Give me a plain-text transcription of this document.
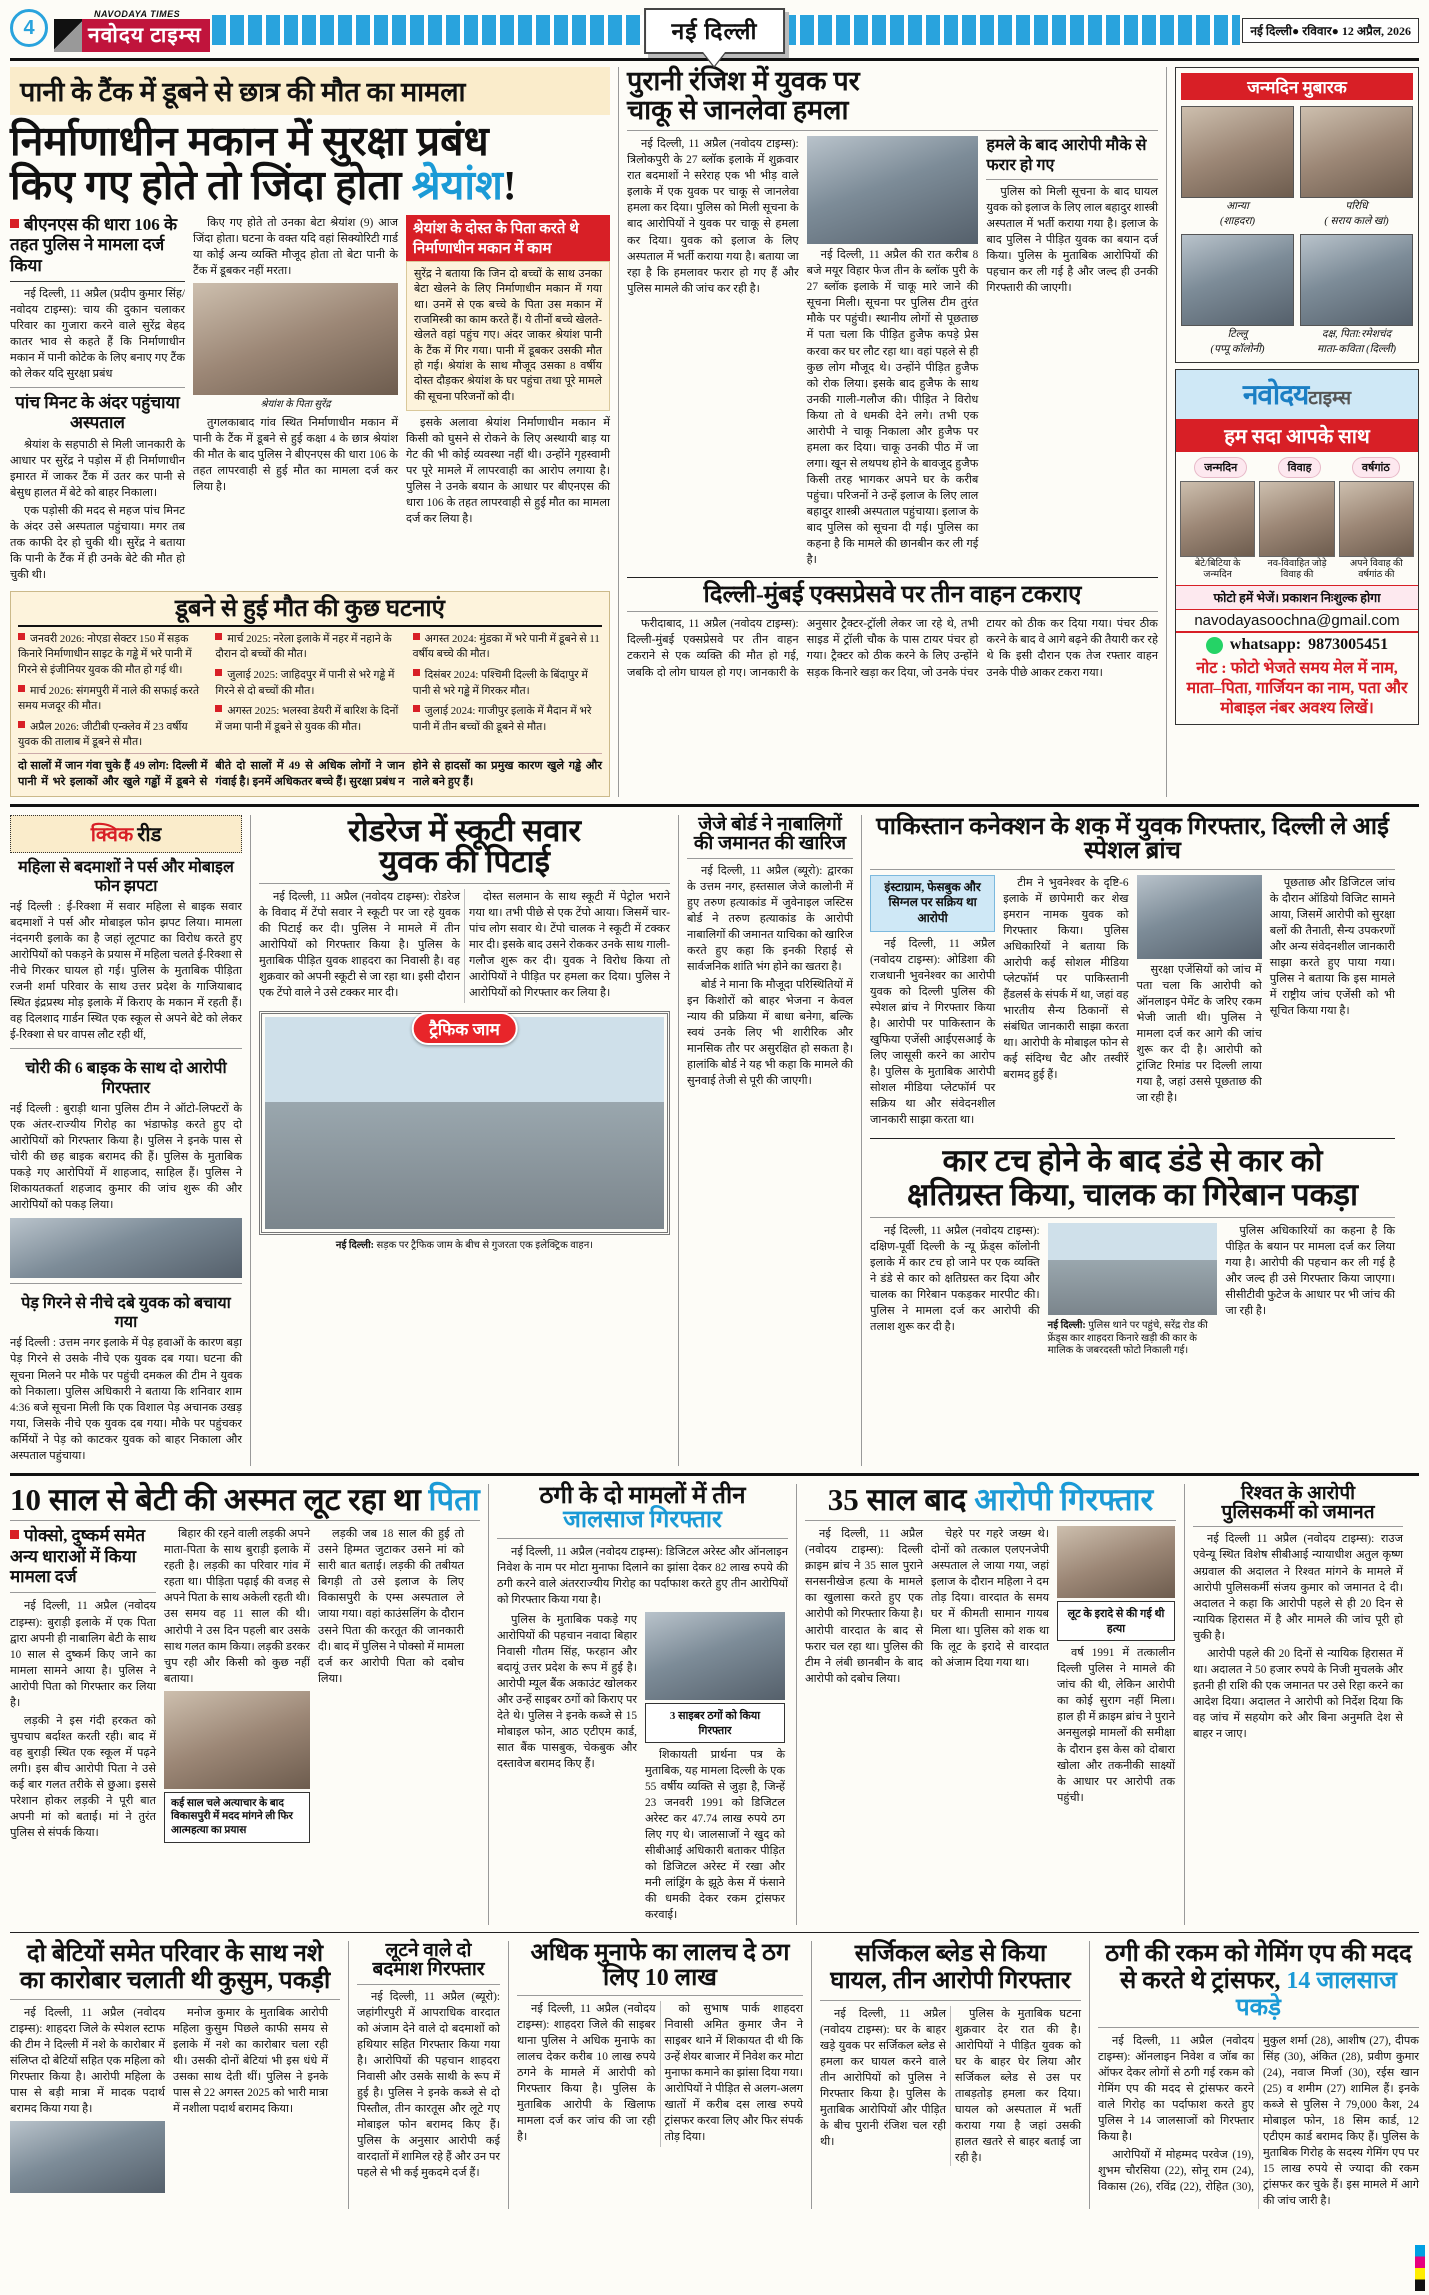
4
NAVODAYA TIMES
नवोदय टाइम्स	नई दिल्ली	नई दिल्ली● रविवार● 12 अप्रैल, 2026
पानी के टैंक में डूबने से छात्र की मौत का मामला
निर्माणाधीन मकान में सुरक्षा प्रबंध
किए गए होते तो जिंदा होता श्रेयांश!
बीएनएस की धारा 106 के तहत पुलिस ने मामला दर्ज किया

नई दिल्ली, 11 अप्रैल (प्रदीप कुमार सिंह/नवोदय टाइम्स): चाय की दुकान चलाकर परिवार का गुजारा करने वाले सुरेंद्र बेहद कातर भाव से कहते हैं कि निर्माणाधीन मकान में पानी कोटेक के लिए बनाए गए टैंक को लेकर यदि सुरक्षा प्रबंध

पांच मिनट के अंदर पहुंचाया अस्पताल

श्रेयांश के सहपाठी से मिली जानकारी के आधार पर सुरेंद्र ने पड़ोस में ही निर्माणाधीन इमारत में जाकर टैंक में उतर कर पानी से बेसुध हालत में बेटे को बाहर निकाला।

एक पड़ोसी की मदद से महज पांच मिनट के अंदर उसे अस्पताल पहुंचाया। मगर तब तक काफी देर हो चुकी थी। सुरेंद्र ने बताया कि पानी के टैंक में ही उनके बेटे की मौत हो चुकी थी।

किए गए होते तो उनका बेटा श्रेयांश (9) आज जिंदा होता। घटना के वक्त यदि वहां सिक्योरिटी गार्ड या कोई अन्य व्यक्ति मौजूद होता तो बेटा पानी के टैंक में डूबकर नहीं मरता।

श्रेयांश के पिता सुरेंद्र

तुगलकाबाद गांव स्थित निर्माणाधीन मकान में पानी के टैंक में डूबने से हुई कक्षा 4 के छात्र श्रेयांश की मौत के बाद पुलिस ने बीएनएस की धारा 106 के तहत लापरवाही से हुई मौत का मामला दर्ज कर लिया है।

श्रेयांश के दोस्त के पिता करते थे निर्माणाधीन मकान में काम
सुरेंद्र ने बताया कि जिन दो बच्चों के साथ उनका बेटा खेलने के लिए निर्माणाधीन मकान में गया था। उनमें से एक बच्चे के पिता उस मकान में राजमिस्त्री का काम करते हैं। ये तीनों बच्चे खेलते-खेलते वहां पहुंच गए। अंदर जाकर श्रेयांश पानी के टैंक में गिर गया। पानी में डूबकर उसकी मौत हो गई। श्रेयांश के साथ मौजूद उसका 8 वर्षीय दोस्त दौड़कर श्रेयांश के घर पहुंचा तथा पूरे मामले की सूचना परिजनों को दी।

इसके अलावा श्रेयांश निर्माणाधीन मकान में किसी को घुसने से रोकने के लिए अस्थायी बाड़ या गेट की भी कोई व्यवस्था नहीं थी। उन्होंने गृहस्वामी पर पूरे मामले में लापरवाही का आरोप लगाया है। पुलिस ने उनके बयान के आधार पर बीएनएस की धारा 106 के तहत लापरवाही से हुई मौत का मामला दर्ज कर लिया है।

डूबने से हुई मौत की कुछ घटनाएं

जनवरी 2026: नोएडा सेक्टर 150 में सड़क किनारे निर्माणाधीन साइट के गड्ढे में भरे पानी में गिरने से इंजीनियर युवक की मौत हो गई थी।

मार्च 2026: संगमपुरी में नाले की सफाई करते समय मजदूर की मौत।

अप्रैल 2026: जीटीबी एन्क्लेव में 23 वर्षीय युवक की तालाब में डूबने से मौत।

मार्च 2025: नरेला इलाके में नहर में नहाने के दौरान दो बच्चों की मौत।

जुलाई 2025: जाहिदपुर में पानी से भरे गड्ढे में गिरने से दो बच्चों की मौत।

अगस्त 2025: भलस्वा डेयरी में बारिश के दिनों में जमा पानी में डूबने से युवक की मौत।

अगस्त 2024: मुंडका में भरे पानी में डूबने से 11 वर्षीय बच्चे की मौत।

दिसंबर 2024: पश्चिमी दिल्ली के बिंदापुर में पानी से भरे गड्ढे में गिरकर मौत।

जुलाई 2024: गाजीपुर इलाके में मैदान में भरे पानी में तीन बच्चों की डूबने से मौत।

दो सालों में जान गंवा चुके हैं 49 लोग: दिल्ली में पानी में भरे इलाकों और खुले गड्ढों में डूबने से बीते दो सालों में 49 से अधिक लोगों ने जान गंवाई है। इनमें अधिकतर बच्चे हैं। सुरक्षा प्रबंध न होने से हादसों का प्रमुख कारण खुले गड्ढे और नाले बने हुए हैं।

पुरानी रंजिश में युवक पर
चाकू से जानलेवा हमला

नई दिल्ली, 11 अप्रैल (नवोदय टाइम्स): त्रिलोकपुरी के 27 ब्लॉक इलाके में शुक्रवार रात बदमाशों ने सरेराह एक भी भीड़ वाले इलाके में एक युवक पर चाकू से जानलेवा हमला कर दिया। पुलिस को मिली सूचना के बाद आरोपियों ने युवक पर चाकू से हमला कर दिया। युवक को इलाज के लिए अस्पताल में भर्ती कराया गया है। बताया जा रहा है कि हमलावर फरार हो गए हैं और पुलिस मामले की जांच कर रही है।

नई दिल्ली, 11 अप्रैल की रात करीब 8 बजे मयूर विहार फेज तीन के ब्लॉक पुरी के 27 ब्लॉक इलाके में चाकू मारे जाने की सूचना मिली। सूचना पर पुलिस टीम तुरंत मौके पर पहुंची। स्थानीय लोगों से पूछताछ में पता चला कि पीड़ित हुजैफ कपड़े प्रेस करवा कर घर लौट रहा था। वहां पहले से ही कुछ लोग मौजूद थे। उन्होंने पीड़ित हुजैफ को रोक लिया। इसके बाद हुजैफ के साथ उनकी गाली-गलौज की। पीड़ित ने विरोध किया तो वे धमकी देने लगे। तभी एक आरोपी ने चाकू निकाला और हुजैफ पर हमला कर दिया। चाकू उनकी पीठ में जा लगा। खून से लथपथ होने के बावजूद हुजैफ किसी तरह भागकर अपने घर के करीब पहुंचा। परिजनों ने उन्हें इलाज के लिए लाल बहादुर शास्त्री अस्पताल पहुंचाया। इलाज के बाद पुलिस को सूचना दी गई। पुलिस का कहना है कि मामले की छानबीन कर ली गई है।

हमले के बाद आरोपी मौके से फरार हो गए

पुलिस को मिली सूचना के बाद घायल युवक को इलाज के लिए लाल बहादुर शास्त्री अस्पताल में भर्ती कराया गया है। इलाज के बाद पुलिस ने पीड़ित युवक का बयान दर्ज किया। पुलिस के मुताबिक आरोपियों की पहचान कर ली गई है और जल्द ही उनकी गिरफ्तारी की जाएगी।

दिल्ली-मुंबई एक्सप्रेसवे पर तीन वाहन टकराए

फरीदाबाद, 11 अप्रैल (नवोदय टाइम्स): दिल्ली-मुंबई एक्सप्रेसवे पर तीन वाहन टकराने से एक व्यक्ति की मौत हो गई, जबकि दो लोग घायल हो गए। जानकारी के अनुसार ट्रैक्टर-ट्रॉली लेकर जा रहे थे, तभी साइड में ट्रॉली चौक के पास टायर पंचर हो गया। ट्रैक्टर को ठीक करने के लिए उन्होंने सड़क किनारे खड़ा कर दिया, जो उनके पंचर टायर को ठीक कर दिया गया। पंचर ठीक करने के बाद वे आगे बढ़ने की तैयारी कर रहे थे कि इसी दौरान एक तेज रफ्तार वाहन उनके पीछे आकर टकरा गया।

जन्मदिन मुबारक
आन्या
(शाहदरा)
परिधि
( सराय काले खां)
टिल्लू
(पप्पू कॉलोनी)
दक्ष, पिता:रमेशचंद
माता-कविता (दिल्ली)
नवोदयटाइम्स
हम सदा आपके साथ
जन्मदिन	विवाह	वर्षगांठ
बेटे/बिटिया के जन्मदिन
नव-विवाहित जोड़े विवाह की
अपने विवाह की वर्षगांठ की
फोटो हमें भेजें। प्रकाशन निःशुल्क होगा
navodayasoochna@gmail.com
whatsapp: 9873005451
नोट : फोटो भेजते समय मेल में नाम, माता–पिता, गार्जियन का नाम, पता और मोबाइल नंबर अवश्य लिखें।
क्विक रीड
महिला से बदमाशों ने पर्स और मोबाइल फोन झपटा

नई दिल्ली : ई-रिक्शा में सवार महिला से बाइक सवार बदमाशों ने पर्स और मोबाइल फोन झपट लिया। मामला नंदनगरी इलाके का है जहां लूटपाट का विरोध करते हुए आरोपियों को पकड़ने के प्रयास में महिला चलते ई-रिक्शा से नीचे गिरकर घायल हो गई। पुलिस के मुताबिक पीड़िता रजनी शर्मा परिवार के साथ उत्तर प्रदेश के गाजियाबाद स्थित इंद्रप्रस्थ मोड़ इलाके में किराए के मकान में रहती हैं। वह दिलशाद गार्डन स्थित एक स्कूल से अपने बेटे को लेकर ई-रिक्शा से घर वापस लौट रही थीं,

चोरी की 6 बाइक के साथ दो आरोपी गिरफ्तार

नई दिल्ली : बुराड़ी थाना पुलिस टीम ने ऑटो-लिफ्टरों के एक अंतर-राज्यीय गिरोह का भंडाफोड़ करते हुए दो आरोपियों को गिरफ्तार किया है। पुलिस ने इनके पास से चोरी की छह बाइक बरामद की हैं। पुलिस के मुताबिक पकड़े गए आरोपियों में शाहजाद, साहिल हैं। पुलिस ने शिकायतकर्ता शहजाद कुमार की जांच शुरू की और आरोपियों को पकड़ लिया।

पेड़ गिरने से नीचे दबे युवक को बचाया गया

नई दिल्ली : उत्तम नगर इलाके में पेड़ हवाओं के कारण बड़ा पेड़ गिरने से उसके नीचे एक युवक दब गया। घटना की सूचना मिलने पर मौके पर पहुंची दमकल की टीम ने युवक को निकाला। पुलिस अधिकारी ने बताया कि शनिवार शाम 4:36 बजे सूचना मिली कि एक विशाल पेड़ अचानक उखड़ गया, जिसके नीचे एक युवक दब गया। मौके पर पहुंचकर कर्मियों ने पेड़ को काटकर युवक को बाहर निकाला और अस्पताल पहुंचाया।

रोडरेज में स्कूटी सवार
युवक की पिटाई

नई दिल्ली, 11 अप्रैल (नवोदय टाइम्स): रोडरेज के विवाद में टेंपो सवार ने स्कूटी पर जा रहे युवक की पिटाई कर दी। पुलिस ने मामले में तीन आरोपियों को गिरफ्तार किया है। पुलिस के मुताबिक पीड़ित युवक शाहदरा का निवासी है। वह शुक्रवार को अपनी स्कूटी से जा रहा था। इसी दौरान एक टेंपो वाले ने उसे टक्कर मार दी।

दोस्त सलमान के साथ स्कूटी में पेट्रोल भराने गया था। तभी पीछे से एक टेंपो आया। जिसमें चार-पांच लोग सवार थे। टेंपो चालक ने स्कूटी में टक्कर मार दी। इसके बाद उसने रोककर उनके साथ गाली-गलौज शुरू कर दी। युवक ने विरोध किया तो आरोपियों ने पीड़ित पर हमला कर दिया। पुलिस ने आरोपियों को गिरफ्तार कर लिया है।

ट्रैफिक जाम
नई दिल्ली: सड़क पर ट्रैफिक जाम के बीच से गुजरता एक इलेक्ट्रिक वाहन।
जेजे बोर्ड ने नाबालिगों
की जमानत की खारिज

नई दिल्ली, 11 अप्रैल (ब्यूरो): द्वारका के उत्तम नगर, हस्तसाल जेजे कालोनी में हुए तरुण हत्याकांड में जुवेनाइल जस्टिस बोर्ड ने तरुण हत्याकांड के आरोपी नाबालिगों की जमानत याचिका को खारिज करते हुए कहा कि इनकी रिहाई से सार्वजनिक शांति भंग होने का खतरा है।

बोर्ड ने माना कि मौजूदा परिस्थितियों में इन किशोरों को बाहर भेजना न केवल न्याय की प्रक्रिया में बाधा बनेगा, बल्कि स्वयं उनके लिए भी शारीरिक और मानसिक तौर पर असुरक्षित हो सकता है। हालांकि बोर्ड ने यह भी कहा कि मामले की सुनवाई तेजी से पूरी की जाएगी।

पाकिस्तान कनेक्शन के शक में युवक गिरफ्तार, दिल्ली ले आई स्पेशल ब्रांच
इंस्टाग्राम, फेसबुक और सिग्नल पर सक्रिय था आरोपी

नई दिल्ली, 11 अप्रैल (नवोदय टाइम्स): ओडिशा की राजधानी भुवनेश्वर का आरोपी युवक को दिल्ली पुलिस की स्पेशल ब्रांच ने गिरफ्तार किया है। आरोपी पर पाकिस्तान के खुफिया एजेंसी आईएसआई के लिए जासूसी करने का आरोप है। पुलिस के मुताबिक आरोपी सोशल मीडिया प्लेटफॉर्म पर सक्रिय था और संवेदनशील जानकारी साझा करता था।

टीम ने भुवनेश्वर के दृष्टि-6 इलाके में छापेमारी कर शेख इमरान नामक युवक को गिरफ्तार किया। पुलिस अधिकारियों ने बताया कि आरोपी कई सोशल मीडिया प्लेटफॉर्म पर पाकिस्तानी हैंडलर्स के संपर्क में था, जहां वह भारतीय सैन्य ठिकानों से संबंधित जानकारी साझा करता था। आरोपी के मोबाइल फोन से कई संदिग्ध चैट और तस्वीरें बरामद हुई हैं।

सुरक्षा एजेंसियों को जांच में पता चला कि आरोपी को ऑनलाइन पेमेंट के जरिए रकम भेजी जाती थी। पुलिस ने मामला दर्ज कर आगे की जांच शुरू कर दी है। आरोपी को ट्रांजिट रिमांड पर दिल्ली लाया गया है, जहां उससे पूछताछ की जा रही है।

पूछताछ और डिजिटल जांच के दौरान ऑडियो विजिट सामने आया, जिसमें आरोपी को सुरक्षा बलों की तैनाती, सैन्य उपकरणों और अन्य संवेदनशील जानकारी साझा करते हुए पाया गया। पुलिस ने बताया कि इस मामले में राष्ट्रीय जांच एजेंसी को भी सूचित किया गया है।

कार टच होने के बाद डंडे से कार को
क्षतिग्रस्त किया, चालक का गिरेबान पकड़ा

नई दिल्ली, 11 अप्रैल (नवोदय टाइम्स): दक्षिण-पूर्वी दिल्ली के न्यू फ्रेंड्स कॉलोनी इलाके में कार टच हो जाने पर एक व्यक्ति ने डंडे से कार को क्षतिग्रस्त कर दिया और चालक का गिरेबान पकड़कर मारपीट की। पुलिस ने मामला दर्ज कर आरोपी की तलाश शुरू कर दी है।	नई दिल्ली: पुलिस थाने पर पहुंचे, सरेंद्र रोड की फ्रेंड्स कार शाहदरा किनारे खड़ी की कार के मालिक के जबरदस्ती फोटो निकाली गई।

पुलिस अधिकारियों का कहना है कि पीड़ित के बयान पर मामला दर्ज कर लिया गया है। आरोपी की पहचान कर ली गई है और जल्द ही उसे गिरफ्तार किया जाएगा। सीसीटीवी फुटेज के आधार पर भी जांच की जा रही है।

10 साल से बेटी की अस्मत लूट रहा था पिता
पोक्सो, दुष्कर्म समेत अन्य धाराओं में किया मामला दर्ज

नई दिल्ली, 11 अप्रैल (नवोदय टाइम्स): बुराड़ी इलाके में एक पिता द्वारा अपनी ही नाबालिग बेटी के साथ 10 साल से दुष्कर्म किए जाने का मामला सामने आया है। पुलिस ने आरोपी पिता को गिरफ्तार कर लिया है।

लड़की ने इस गंदी हरकत को चुपचाप बर्दाश्त करती रही। बाद में वह बुराड़ी स्थित एक स्कूल में पढ़ने लगी। इस बीच आरोपी पिता ने उसे कई बार गलत तरीके से छुआ। इससे परेशान होकर लड़की ने पूरी बात अपनी मां को बताई। मां ने तुरंत पुलिस से संपर्क किया।

बिहार की रहने वाली लड़की अपने माता-पिता के साथ बुराड़ी इलाके में रहती है। लड़की का परिवार गांव में रहता था। पीड़िता पढ़ाई की वजह से अपने पिता के साथ अकेली रहती थी। उस समय वह 11 साल की थी। आरोपी ने उस दिन पहली बार उसके साथ गलत काम किया। लड़की डरकर चुप रही और किसी को कुछ नहीं बताया।

कई साल चले अत्याचार के बाद विकासपुरी में मदद मांगने ली फिर आत्महत्या का प्रयास

लड़की जब 18 साल की हुई तो उसने हिम्मत जुटाकर उसने मां को सारी बात बताई। लड़की की तबीयत बिगड़ी तो उसे इलाज के लिए विकासपुरी के एम्स अस्पताल ले जाया गया। वहां काउंसलिंग के दौरान उसने पिता की करतूत की जानकारी दी। बाद में पुलिस ने पोक्सो में मामला दर्ज कर आरोपी पिता को दबोच लिया।

ठगी के दो मामलों में तीन
जालसाज गिरफ्तार

नई दिल्ली, 11 अप्रैल (नवोदय टाइम्स): डिजिटल अरेस्ट और ऑनलाइन निवेश के नाम पर मोटा मुनाफा दिलाने का झांसा देकर 82 लाख रुपये की ठगी करने वाले अंतरराज्यीय गिरोह का पर्दाफाश करते हुए तीन आरोपियों को गिरफ्तार किया गया है।

पुलिस के मुताबिक पकड़े गए आरोपियों की पहचान नवादा बिहार निवासी गौतम सिंह, फरहान और बदायूं उत्तर प्रदेश के रूप में हुई है। आरोपी म्यूल बैंक अकाउंट खोलकर और उन्हें साइबर ठगों को किराए पर देते थे। पुलिस ने इनके कब्जे से 15 मोबाइल फोन, आठ एटीएम कार्ड, सात बैंक पासबुक, चेकबुक और दस्तावेज बरामद किए हैं।

3 साइबर ठगों को किया गिरफ्तार

शिकायती प्रार्थना पत्र के मुताबिक, यह मामला दिल्ली के एक 55 वर्षीय व्यक्ति से जुड़ा है, जिन्हें 23 जनवरी 1991 को डिजिटल अरेस्ट कर 47.74 लाख रुपये ठग लिए गए थे। जालसाजों ने खुद को सीबीआई अधिकारी बताकर पीड़ित को डिजिटल अरेस्ट में रखा और मनी लांड्रिंग के झूठे केस में फंसाने की धमकी देकर रकम ट्रांसफर करवाई।

35 साल बाद आरोपी गिरफ्तार

नई दिल्ली, 11 अप्रैल (नवोदय टाइम्स): दिल्ली क्राइम ब्रांच ने 35 साल पुराने सनसनीखेज हत्या के मामले का खुलासा करते हुए एक आरोपी को गिरफ्तार किया है। आरोपी वारदात के बाद से फरार चल रहा था। पुलिस की टीम ने लंबी छानबीन के बाद आरोपी को दबोच लिया।

चेहरे पर गहरे जख्म थे। दोनों को तत्काल एलएनजेपी अस्पताल ले जाया गया, जहां इलाज के दौरान महिला ने दम तोड़ दिया। वारदात के समय घर में कीमती सामान गायब मिला था। पुलिस को शक था कि लूट के इरादे से वारदात को अंजाम दिया गया था।

लूट के इरादे से की गई थी हत्या

वर्ष 1991 में तत्कालीन दिल्ली पुलिस ने मामले की जांच की थी, लेकिन आरोपी का कोई सुराग नहीं मिला। हाल ही में क्राइम ब्रांच ने पुराने अनसुलझे मामलों की समीक्षा के दौरान इस केस को दोबारा खोला और तकनीकी साक्ष्यों के आधार पर आरोपी तक पहुंची।

रिश्वत के आरोपी
पुलिसकर्मी को जमानत

नई दिल्ली 11 अप्रैल (नवोदय टाइम्स): राउज एवेन्यू स्थित विशेष सीबीआई न्यायाधीश अतुल कृष्ण अग्रवाल की अदालत ने रिश्वत मांगने के मामले में आरोपी पुलिसकर्मी संजय कुमार को जमानत दे दी। अदालत ने कहा कि आरोपी पहले से ही 20 दिन से न्यायिक हिरासत में है और मामले की जांच पूरी हो चुकी है।

आरोपी पहले की 20 दिनों से न्यायिक हिरासत में था। अदालत ने 50 हजार रुपये के निजी मुचलके और इतनी ही राशि की एक जमानत पर उसे रिहा करने का आदेश दिया। अदालत ने आरोपी को निर्देश दिया कि वह जांच में सहयोग करे और बिना अनुमति देश से बाहर न जाए।

दो बेटियों समेत परिवार के साथ नशे
का कारोबार चलाती थी कुसुम, पकड़ी

नई दिल्ली, 11 अप्रैल (नवोदय टाइम्स): शाहदरा जिले के स्पेशल स्टाफ की टीम ने दिल्ली में नशे के कारोबार में संलिप्त दो बेटियों सहित एक महिला को गिरफ्तार किया है। आरोपी महिला के पास से बड़ी मात्रा में मादक पदार्थ बरामद किया गया है।

मनोज कुमार के मुताबिक आरोपी महिला कुसुम पिछले काफी समय से इलाके में नशे का कारोबार चला रही थी। उसकी दोनों बेटियां भी इस धंधे में उसका साथ देती थीं। पुलिस ने इनके पास से 22 अगस्त 2025 को भारी मात्रा में नशीला पदार्थ बरामद किया।

लूटने वाले दो
बदमाश गिरफ्तार

नई दिल्ली, 11 अप्रैल (ब्यूरो): जहांगीरपुरी में आपराधिक वारदात को अंजाम देने वाले दो बदमाशों को हथियार सहित गिरफ्तार किया गया है। आरोपियों की पहचान शाहदरा निवासी और उसके साथी के रूप में हुई है। पुलिस ने इनके कब्जे से दो पिस्तौल, तीन कारतूस और लूटे गए मोबाइल फोन बरामद किए हैं। पुलिस के अनुसार आरोपी कई वारदातों में शामिल रहे हैं और उन पर पहले से भी कई मुकदमे दर्ज हैं।

अधिक मुनाफे का लालच दे ठग लिए 10 लाख

नई दिल्ली, 11 अप्रैल (नवोदय टाइम्स): शाहदरा जिले की साइबर थाना पुलिस ने अधिक मुनाफे का लालच देकर करीब 10 लाख रुपये ठगने के मामले में आरोपी को गिरफ्तार किया है। पुलिस के मुताबिक आरोपी के खिलाफ मामला दर्ज कर जांच की जा रही है।

को सुभाष पार्क शाहदरा निवासी अमित कुमार जैन ने साइबर थाने में शिकायत दी थी कि उन्हें शेयर बाजार में निवेश कर मोटा मुनाफा कमाने का झांसा दिया गया। आरोपियों ने पीड़ित से अलग-अलग खातों में करीब दस लाख रुपये ट्रांसफर करवा लिए और फिर संपर्क तोड़ दिया।

सर्जिकल ब्लेड से किया
घायल, तीन आरोपी गिरफ्तार

नई दिल्ली, 11 अप्रैल (नवोदय टाइम्स): घर के बाहर खड़े युवक पर सर्जिकल ब्लेड से हमला कर घायल करने वाले तीन आरोपियों को पुलिस ने गिरफ्तार किया है। पुलिस के मुताबिक आरोपियों और पीड़ित के बीच पुरानी रंजिश चल रही थी।

पुलिस के मुताबिक घटना शुक्रवार देर रात की है। आरोपियों ने पीड़ित युवक को घर के बाहर घेर लिया और सर्जिकल ब्लेड से उस पर ताबड़तोड़ हमला कर दिया। घायल को अस्पताल में भर्ती कराया गया है जहां उसकी हालत खतरे से बाहर बताई जा रही है।

ठगी की रकम को गेमिंग एप की मदद से करते थे ट्रांसफर, 14 जालसाज पकड़े

नई दिल्ली, 11 अप्रैल (नवोदय टाइम्स): ऑनलाइन निवेश व जॉब का ऑफर देकर लोगों से ठगी गई रकम को गेमिंग एप की मदद से ट्रांसफर करने वाले गिरोह का पर्दाफाश करते हुए पुलिस ने 14 जालसाजों को गिरफ्तार किया है।

आरोपियों में मोहम्मद परवेज (19), शुभम चौरसिया (22), सोनू राम (24), विकास (26), रविंद्र (22), रोहित (30), मुकुल शर्मा (28), आशीष (27), दीपक सिंह (30), अंकित (28), प्रवीण कुमार (24), नवाज मिर्जा (30), रईस खान (25) व शमीम (27) शामिल हैं। इनके कब्जे से पुलिस ने 79,000 कैश, 24 मोबाइल फोन, 18 सिम कार्ड, 12 एटीएम कार्ड बरामद किए हैं। पुलिस के मुताबिक गिरोह के सदस्य गेमिंग एप पर 15 लाख रुपये से ज्यादा की रकम ट्रांसफर कर चुके हैं। इस मामले में आगे की जांच जारी है।
